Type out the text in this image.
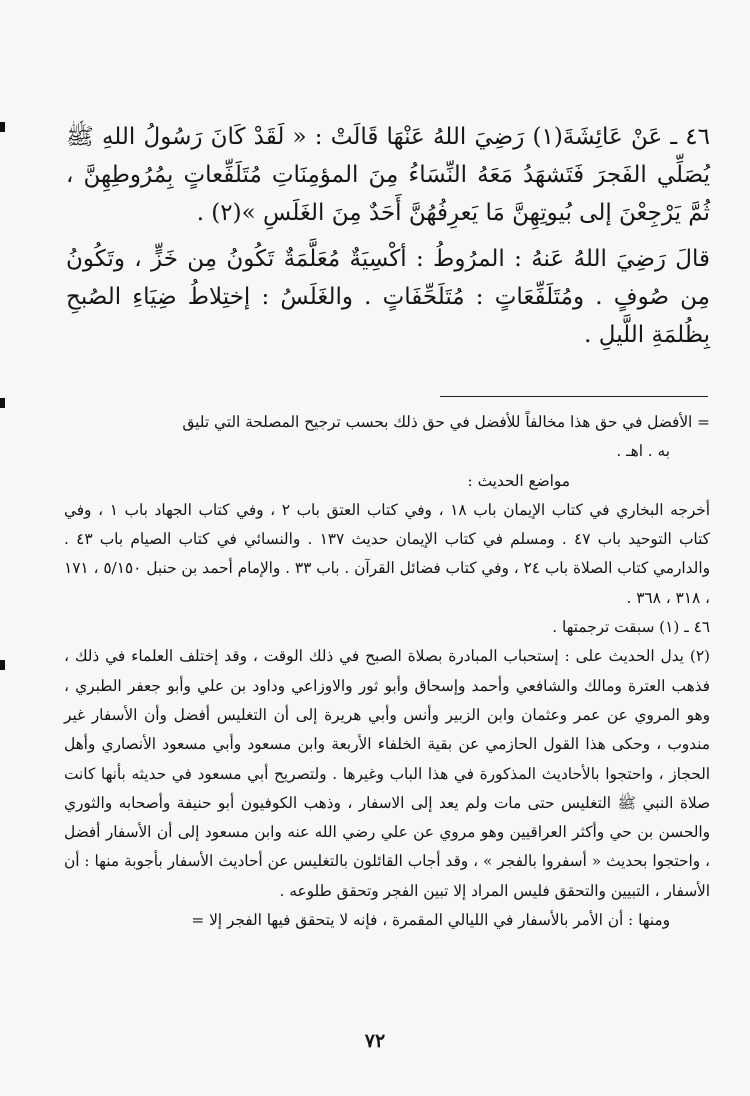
٤٦ ـ عَنْ عَائِشَةَ(١) رَضِيَ اللهُ عَنْهَا قَالَتْ : « لَقَدْ كَانَ رَسُولُ اللهِ ﷺ يُصَلِّي الفَجرَ فَتَشهَدُ مَعَهُ النِّسَاءُ مِنَ المؤمِنَاتِ مُتَلَفِّعاتٍ بِمُرُوطِهِنَّ ، ثُمَّ يَرْجِعْنَ إلى بُيوتِهِنَّ مَا يَعرِفُهُنَّ أَحَدٌ مِنَ الغَلَسِ »(٢) .

قالَ رَضِيَ اللهُ عَنهُ : المرُوطُ : أكْسِيَةٌ مُعَلَّمَةٌ تَكُونُ مِن خَزٍّ ، وتَكُونُ مِن صُوفٍ . ومُتَلَفِّعَاتٍ : مُتَلَحِّفَاتٍ . والغَلَسُ : إختِلاطُ ضِيَاءِ الصُبحِ بِظُلمَةِ اللَّيلِ .

= الأفضل في حق هذا مخالفاً للأفضل في حق ذلك بحسب ترجيح المصلحة التي تليق

به . اهـ .

مواضع الحديث :

أخرجه البخاري في كتاب الإيمان باب ١٨ ، وفي كتاب العتق باب ٢ ، وفي كتاب الجهاد باب ١ ، وفي كتاب التوحيد باب ٤٧ . ومسلم في كتاب الإيمان حديث ١٣٧ . والنسائي في كتاب الصيام باب ٤٣ . والدارمي كتاب الصلاة باب ٢٤ ، وفي كتاب فضائل القرآن . باب ٣٣ . والإمام أحمد بن حنبل ٥/١٥٠ ، ١٧١ ، ٣١٨ ، ٣٦٨ .

٤٦ ـ (١) سبقت ترجمتها .

(٢) يدل الحديث على : إستحباب المبادرة بصلاة الصبح في ذلك الوقت ، وقد إختلف العلماء في ذلك ، فذهب العترة ومالك والشافعي وأحمد وإسحاق وأبو ثور والاوزاعي وداود بن علي وأبو جعفر الطبري ، وهو المروي عن عمر وعثمان وابن الزبير وأنس وأبي هريرة إلى أن التغليس أفضل وأن الأسفار غير مندوب ، وحكى هذا القول الحازمي عن بقية الخلفاء الأربعة وابن مسعود وأبي مسعود الأنصاري وأهل الحجاز ، واحتجوا بالأحاديث المذكورة في هذا الباب وغيرها . ولتصريح أبي مسعود في حديثه بأنها كانت صلاة النبي ﷺ التغليس حتى مات ولم يعد إلى الاسفار ، وذهب الكوفيون أبو حنيفة وأصحابه والثوري والحسن بن حي وأكثر العراقيين وهو مروي عن علي رضي الله عنه وابن مسعود إلى أن الأسفار أفضل ، واحتجوا بحديث « أسفروا بالفجر » ، وقد أجاب القائلون بالتغليس عن أحاديث الأسفار بأجوبة منها : أن الأسفار ، التبيين والتحقق فليس المراد إلا تبين الفجر وتحقق طلوعه .

ومنها : أن الأمر بالأسفار في الليالي المقمرة ، فإنه لا يتحقق فيها الفجر إلا =

٧٢
